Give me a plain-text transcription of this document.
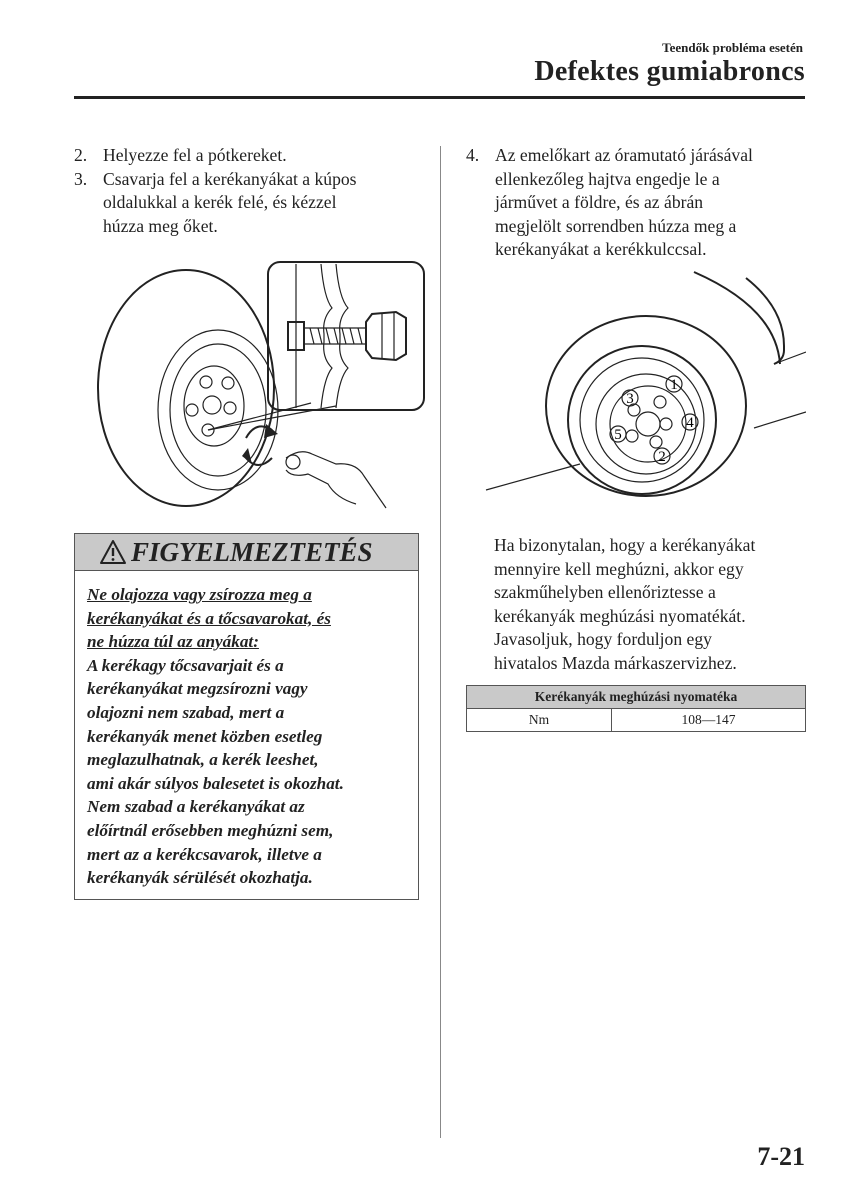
Teendők probléma esetén
Defektes gumiabroncs
2. Helyezze fel a pótkereket.
3. Csavarja fel a kerékanyákat a kúpos
oldalukkal a kerék felé, és kézzel
húzza meg őket.
FIGYELMEZTETÉS
Ne olajozza vagy zsírozza meg a
kerékanyákat és a tőcsavarokat, és
ne húzza túl az anyákat:
A kerékagy tőcsavarjait és a
kerékanyákat megzsírozni vagy
olajozni nem szabad, mert a
kerékanyák menet közben esetleg
meglazulhatnak, a kerék leeshet,
ami akár súlyos balesetet is okozhat.
Nem szabad a kerékanyákat az
előírtnál erősebben meghúzni sem,
mert az a kerékcsavarok, illetve a
kerékanyák sérülését okozhatja.
4. Az emelőkart az óramutató járásával
ellenkezőleg hajtva engedje le a
járművet a földre, és az ábrán
megjelölt sorrendben húzza meg a
kerékanyákat a kerékkulccsal.
1
2
3
4
5
Ha bizonytalan, hogy a kerékanyákat
mennyire kell meghúzni, akkor egy
szakműhelyben ellenőriztesse a
kerékanyák meghúzási nyomatékát.
Javasoljuk, hogy forduljon egy
hivatalos Mazda márkaszervizhez.
Kerékanyák meghúzási nyomatéka
Nm	108—147
7-21
